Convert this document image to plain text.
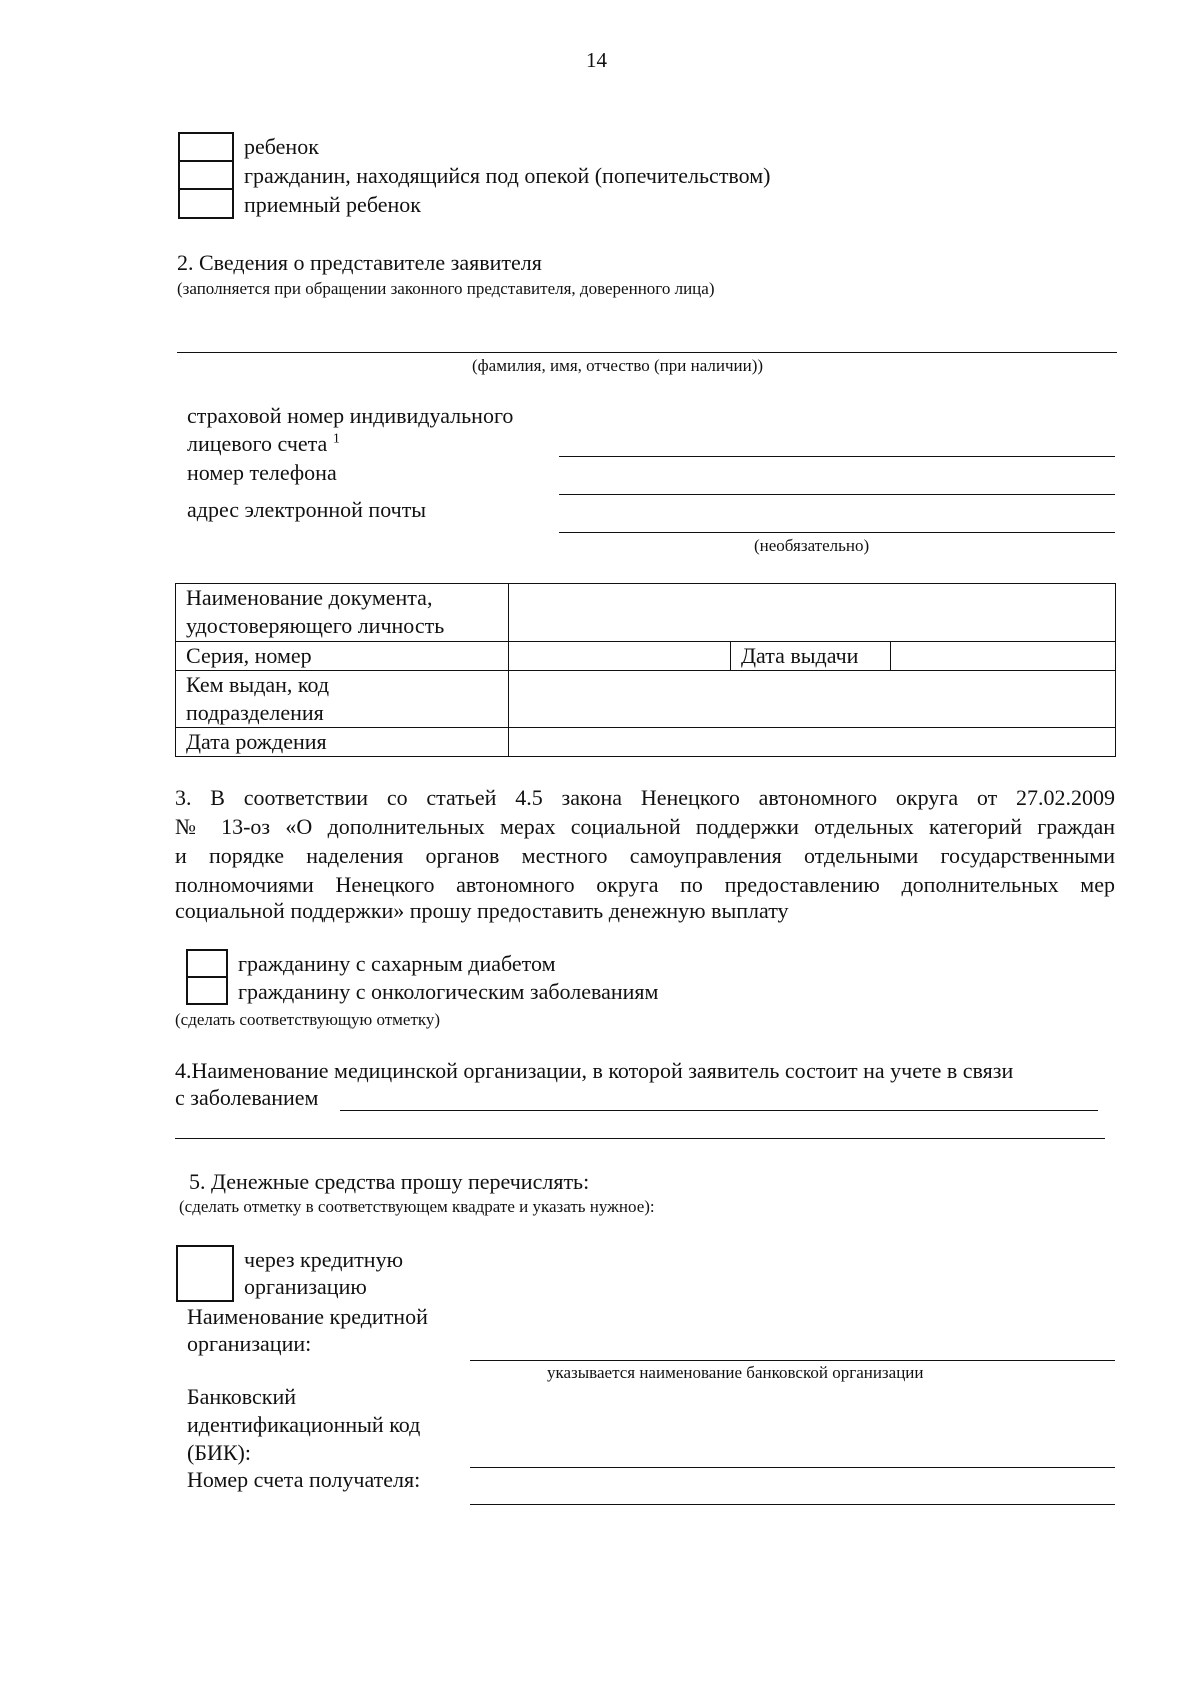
14
ребенок
гражданин, находящийся под опекой (попечительством)
приемный ребенок
2. Сведения о представителе заявителя
(заполняется при обращении законного представителя, доверенного лица)
(фамилия, имя, отчество (при наличии))
страховой номер индивидуального
лицевого счета $^1$
номер телефона
адрес электронной почты
(необязательно)
Наименование документа,
удостоверяющего личность			

Серия, номер		Дата выдачи	

Кем выдан, код
подразделения			

Дата рождения			
3. В соответствии со статьей 4.5 закона Ненецкого автономного округа от 27.02.2009
№ 13-оз «О дополнительных мерах социальной поддержки отдельных категорий граждан
и порядке наделения органов местного самоуправления отдельными государственными
полномочиями Ненецкого автономного округа по предоставлению дополнительных мер
социальной поддержки» прошу предоставить денежную выплату
гражданину с сахарным диабетом
гражданину с онкологическим заболеваниям
(сделать соответствующую отметку)
4.Наименование медицинской организации, в которой заявитель состоит на учете в связи
с заболеванием
5. Денежные средства прошу перечислять:
(сделать отметку в соответствующем квадрате и указать нужное):
через кредитную
организацию
Наименование кредитной
организации:
указывается наименование банковской организации
Банковский
идентификационный код
(БИК):
Номер счета получателя:
